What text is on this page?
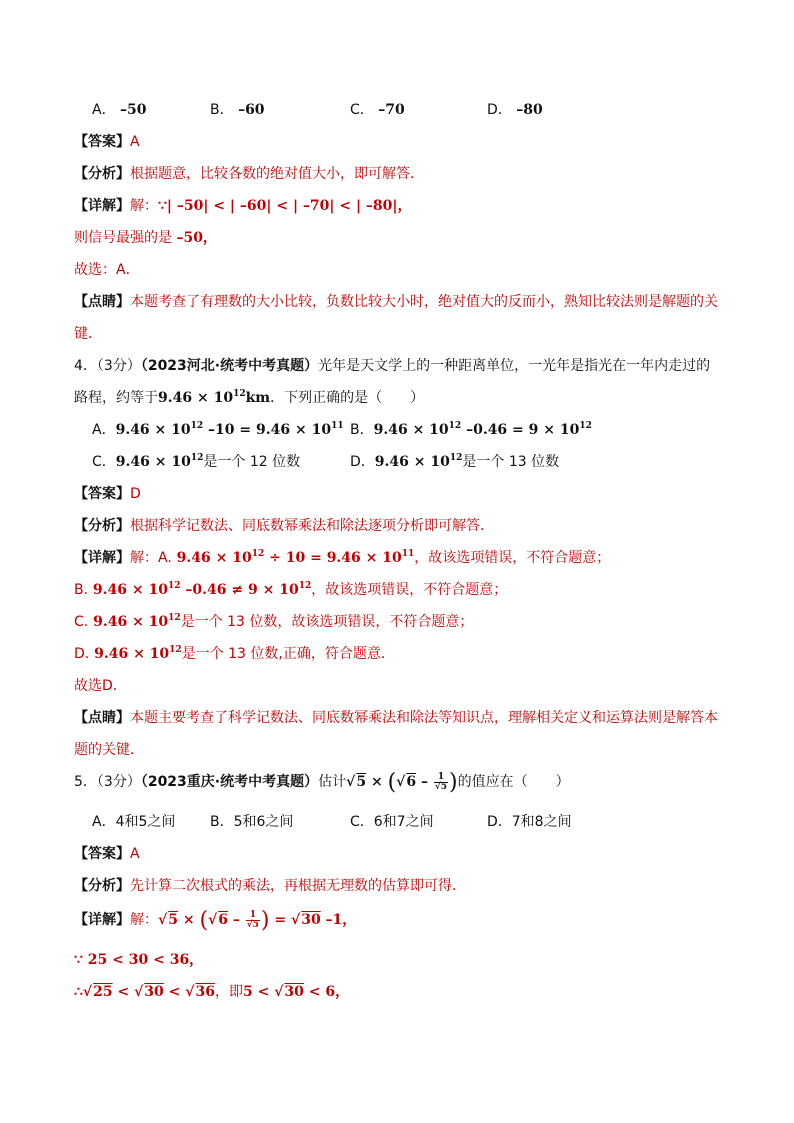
A． –50	B． –60	C． –70	D． –80
【答案】A
【分析】根据题意，比较各数的绝对值大小，即可解答．
【详解】解：∵| –50| < | –60| < | –70| < | –80|，
则信号最强的是 –50，
故选：A．
【点睛】本题考查了有理数的大小比较，负数比较大小时，绝对值大的反而小，熟知比较法则是解题的关
键．
4．（3分）（2023河北·统考中考真题）光年是天文学上的一种距离单位，一光年是指光在一年内走过的
路程，约等于$9.46 \times 10^{12}km$．下列正确的是（　　）
A．$9.46 \times 10^{12}$ $-10 = 9.46 \times 10^{11}$ B．$9.46 \times 10^{12}$ $-0.46 = 9 \times 10^{12}$
C．$9.46 \times 10^{12}$是一个 12 位数	D．$9.46 \times 10^{12}$是一个 13 位数
【答案】D
【分析】根据科学记数法、同底数幂乘法和除法逐项分析即可解答．
【详解】解：A. $9.46 \times 10^{12} \div 10 = 9.46 \times 10^{11}$，故该选项错误，不符合题意；
B. $9.46 \times 10^{12}$ $-0.46 \ne 9 \times 10^{12}$，故该选项错误，不符合题意；
C. $9.46 \times 10^{12}$是一个 13 位数，故该选项错误，不符合题意；
D. $9.46 \times 10^{12}$是一个 13 位数,正确，符合题意．
故选D．
【点睛】本题主要考查了科学记数法、同底数幂乘法和除法等知识点，理解相关定义和运算法则是解答本
题的关键．
5．（3分）（2023重庆·统考中考真题）估计$√5 \times (√6 - \frac{1}{√5}$ )的值应在（　　）
A．4和5之间 B．5和6之间	C．6和7之间	D．7和8之间
【答案】A
【分析】先计算二次根式的乘法，再根据无理数的估算即可得．
【详解】解：$√5 \times (√6 - \frac{1}{√5}$ ) = √30 –1，
∵ 25 < 30 < 36，
∴√25 < √30 < √36，即5 < √30 < 6，
